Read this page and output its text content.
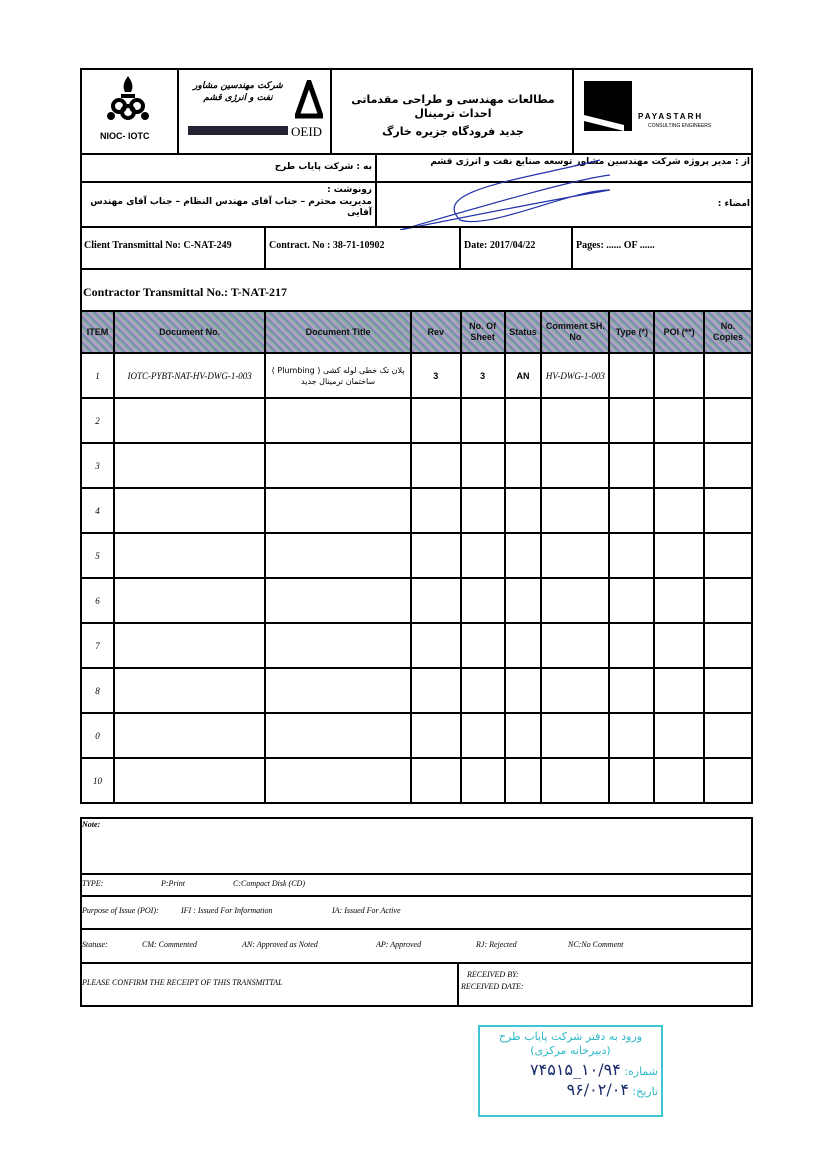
NIOC- IOTC
شرکت مهندسین مشاور نفت و انرژی قشم
OEID
مطالعات مهندسی و طراحی مقدماتی احداث ترمینال
جدید فرودگاه جزیره خارگ
PAYASTARH
CONSULTING ENGINEERS
به : شرکت پایاب طرح	از : مدیر پروژه شرکت مهندسین مشاور توسعه صنایع نفت و انرژی قشم
رونوشت :
مدیریت محترم – جناب آقای مهندس النظام – جناب آقای مهندس آقایی
امضاء :
Client Transmittal No: C-NAT-249	Contract. No : 38-71-10902	Date: 2017/04/22	Pages: ...... OF ......
Contractor Transmittal No.: T-NAT-217
ITEM	Document No.	Document Title	Rev	No. Of Sheet	Status	Comment SH. No	Type (*)	POI (**)	No. Copies
1	IOTC-PYBT-NAT-HV-DWG-1-003	پلان تک خطی لوله کشی ( Plumbing ) ساختمان ترمینال جدید	3	3	AN	HV-DWG-1-003			
2									
3									
4									
5									
6									
7									
8									
0									
10									
Note:
TYPE:	P:Print	C:Compact Disk (CD)
Purpose of Issue (POI):	IFI : Issued For Information	IA: Issued For Active
Statuse:	CM: Commented	AN: Approved as Noted	AP: Approved	RJ: Rejected	NC:No Comment
PLEASE CONFIRM THE RECEIPT OF THIS TRANSMITTAL
RECEIVED BY:
RECEIVED DATE:
ورود به دفتر شرکت پایاب طرح
(دبیرخانه مرکزی)
شماره: ۱۰/۹۴_۷۴۵۱۵
تاریخ: ۹۶/۰۲/۰۴
